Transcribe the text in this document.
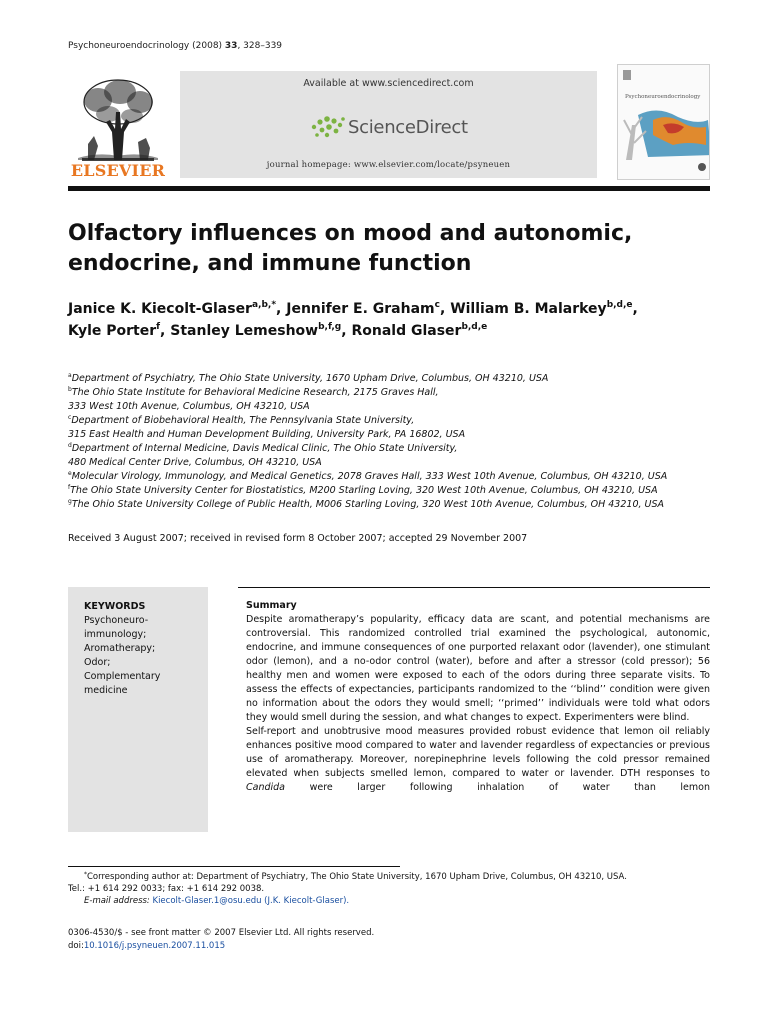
Psychoneuroendocrinology (2008) 33, 328–339
ELSEVIER
Available at www.sciencedirect.com
ScienceDirect
journal homepage: www.elsevier.com/locate/psyneuen
Psychoneuroendocrinology
Olfactory influences on mood and autonomic,
endocrine, and immune function
Janice K. Kiecolt-Glaser$^{a,b,*}$, Jennifer E. Graham$^c$, William B. Malarkey$^{b,d,e}$,
Kyle Porter$^f$, Stanley Lemeshow$^{b,f,g}$, Ronald Glaser$^{b,d,e}$
$^a$Department of Psychiatry, The Ohio State University, 1670 Upham Drive, Columbus, OH 43210, USA
$^b$The Ohio State Institute for Behavioral Medicine Research, 2175 Graves Hall,
333 West 10th Avenue, Columbus, OH 43210, USA
$^c$Department of Biobehavioral Health, The Pennsylvania State University,
315 East Health and Human Development Building, University Park, PA 16802, USA
$^d$Department of Internal Medicine, Davis Medical Clinic, The Ohio State University,
480 Medical Center Drive, Columbus, OH 43210, USA
$^e$Molecular Virology, Immunology, and Medical Genetics, 2078 Graves Hall, 333 West 10th Avenue, Columbus, OH 43210, USA
$^f$The Ohio State University Center for Biostatistics, M200 Starling Loving, 320 West 10th Avenue, Columbus, OH 43210, USA
$^g$The Ohio State University College of Public Health, M006 Starling Loving, 320 West 10th Avenue, Columbus, OH 43210, USA
Received 3 August 2007; received in revised form 8 October 2007; accepted 29 November 2007
KEYWORDS
Psychoneuro-
immunology;
Aromatherapy;
Odor;
Complementary
medicine
Summary

Despite aromatherapy’s popularity, efficacy data are scant, and potential mechanisms are controversial. This randomized controlled trial examined the psychological, autonomic, endocrine, and immune consequences of one purported relaxant odor (lavender), one stimulant odor (lemon), and a no-odor control (water), before and after a stressor (cold pressor); 56 healthy men and women were exposed to each of the odors during three separate visits. To assess the effects of expectancies, participants randomized to the ‘‘blind’’ condition were given no information about the odors they would smell; ‘‘primed’’ individuals were told what odors they would smell during the session, and what changes to expect. Experimenters were blind.

Self-report and unobtrusive mood measures provided robust evidence that lemon oil reliably enhances positive mood compared to water and lavender regardless of expectancies or previous use of aromatherapy. Moreover, norepinephrine levels following the cold pressor remained elevated when subjects smelled lemon, compared to water or lavender. DTH responses to Candida were larger following inhalation of water than lemon

*Corresponding author at: Department of Psychiatry, The Ohio State University, 1670 Upham Drive, Columbus, OH 43210, USA.
Tel.: +1 614 292 0033; fax: +1 614 292 0038.
E-mail address: Kiecolt-Glaser.1@osu.edu (J.K. Kiecolt-Glaser).
0306-4530/$ - see front matter © 2007 Elsevier Ltd. All rights reserved.
doi:10.1016/j.psyneuen.2007.11.015
